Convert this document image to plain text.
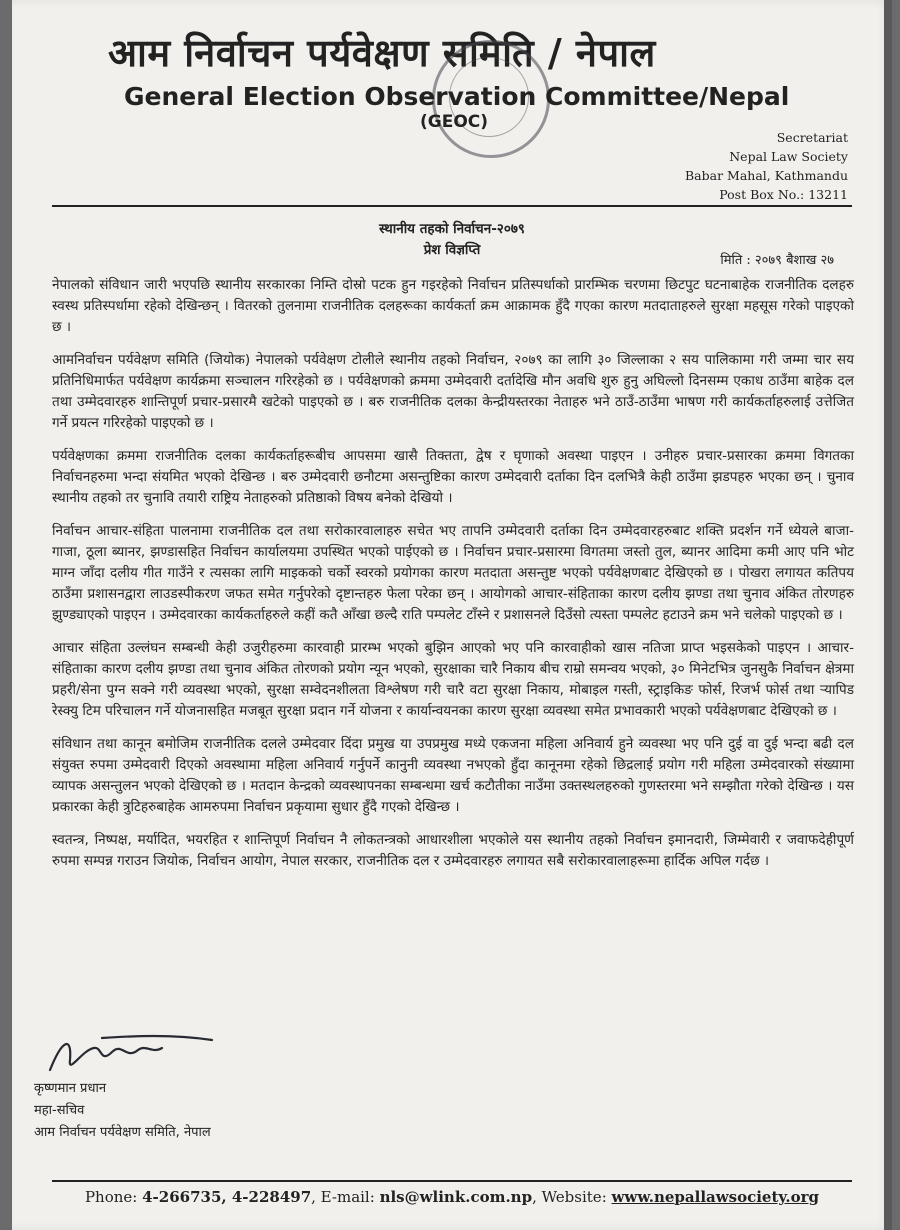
आम निर्वाचन पर्यवेक्षण समिति / नेपाल
General Election Observation Committee/Nepal
(GEOC)
Secretariat
Nepal Law Society
Babar Mahal, Kathmandu
Post Box No.: 13211
स्थानीय तहको निर्वाचन-२०७९
प्रेश विज्ञप्ति
मिति : २०७९ बैशाख २७

नेपालको संविधान जारी भएपछि स्थानीय सरकारका निम्ति दोस्रो पटक हुन गइरहेको निर्वाचन प्रतिस्पर्धाको प्रारम्भिक चरणमा छिटपुट घटनाबाहेक राजनीतिक दलहरु स्वस्थ प्रतिस्पर्धामा रहेको देखिन्छन् । वितरको तुलनामा राजनीतिक दलहरूका कार्यकर्ता क्रम आक्रामक हुँदै गएका कारण मतदाताहरुले सुरक्षा महसूस गरेको पाइएको छ ।

आमनिर्वाचन पर्यवेक्षण समिति (जियोक) नेपालको पर्यवेक्षण टोलीले स्थानीय तहको निर्वाचन, २०७९ का लागि ३० जिल्लाका २ सय पालिकामा गरी जम्मा चार सय प्रतिनिधिमार्फत पर्यवेक्षण कार्यक्रमा सञ्चालन गरिरहेको छ । पर्यवेक्षणको क्रममा उम्मेदवारी दर्तादेखि मौन अवधि शुरु हुनु अघिल्लो दिनसम्म एकाध ठाउँमा बाहेक दल तथा उम्मेदवारहरु शान्तिपूर्ण प्रचार-प्रसारमै खटेको पाइएको छ । बरु राजनीतिक दलका केन्द्रीयस्तरका नेताहरु भने ठाउँ-ठाउँमा भाषण गरी कार्यकर्ताहरुलाई उत्तेजित गर्ने प्रयत्न गरिरहेको पाइएको छ ।

पर्यवेक्षणका क्रममा राजनीतिक दलका कार्यकर्ताहरूबीच आपसमा खासै तिक्तता, द्वेष र घृणाको अवस्था पाइएन । उनीहरु प्रचार-प्रसारका क्रममा विगतका निर्वाचनहरुमा भन्दा संयमित भएको देखिन्छ । बरु उम्मेदवारी छनौटमा असन्तुष्टिका कारण उम्मेदवारी दर्ताका दिन दलभित्रै केही ठाउँमा झडपहरु भएका छन् । चुनाव स्थानीय तहको तर चुनावि तयारी राष्ट्रिय नेताहरुको प्रतिष्ठाको विषय बनेको देखियो ।

निर्वाचन आचार-संहिता पालनामा राजनीतिक दल तथा सरोकारवालाहरु सचेत भए तापनि उम्मेदवारी दर्ताका दिन उम्मेदवारहरुबाट शक्ति प्रदर्शन गर्ने ध्येयले बाजा-गाजा, ठूला ब्यानर, झण्डासहित निर्वाचन कार्यालयमा उपस्थित भएको पाईएको छ । निर्वाचन प्रचार-प्रसारमा विगतमा जस्तो तुल, ब्यानर आदिमा कमी आए पनि भोट माग्न जाँदा दलीय गीत गाउँने र त्यसका लागि माइकको चर्को स्वरको प्रयोगका कारण मतदाता असन्तुष्ट भएको पर्यवेक्षणबाट देखिएको छ । पोखरा लगायत कतिपय ठाउँमा प्रशासनद्वारा लाउडस्पीकरण जफत समेत गर्नुपरेको दृष्टान्तहरु फेला परेका छन् । आयोगको आचार-संहिताका कारण दलीय झण्डा तथा चुनाव अंकित तोरणहरु झुण्ड्याएको पाइएन । उम्मेदवारका कार्यकर्ताहरुले कहीं कतै आँखा छल्दै राति पम्पलेट टाँस्ने र प्रशासनले दिउँसो त्यस्ता पम्पलेट हटाउने क्रम भने चलेको पाइएको छ ।

आचार संहिता उल्लंघन सम्बन्धी केही उजुरीहरुमा कारवाही प्रारम्भ भएको बुझिन आएको भए पनि कारवाहीको खास नतिजा प्राप्त भइसकेको पाइएन । आचार-संहिताका कारण दलीय झण्डा तथा चुनाव अंकित तोरणको प्रयोग न्यून भएको, सुरक्षाका चारै निकाय बीच राम्रो समन्वय भएको, ३० मिनेटभित्र जुनसुकै निर्वाचन क्षेत्रमा प्रहरी/सेना पुग्न सक्ने गरी व्यवस्था भएको, सुरक्षा सम्वेदनशीलता विश्लेषण गरी चारै वटा सुरक्षा निकाय, मोबाइल गस्ती, स्ट्राइकिङ फोर्स, रिजर्भ फोर्स तथा ऱ्यापिड रेस्क्यु टिम परिचालन गर्ने योजनासहित मजबूत सुरक्षा प्रदान गर्ने योजना र कार्यान्वयनका कारण सुरक्षा व्यवस्था समेत प्रभावकारी भएको पर्यवेक्षणबाट देखिएको छ ।

संविधान तथा कानून बमोजिम राजनीतिक दलले उम्मेदवार दिंदा प्रमुख या उपप्रमुख मध्ये एकजना महिला अनिवार्य हुने व्यवस्था भए पनि दुई वा दुई भन्दा बढी दल संयुक्त रुपमा उम्मेदवारी दिएको अवस्थामा महिला अनिवार्य गर्नुपर्ने कानुनी व्यवस्था नभएको हुँदा कानूनमा रहेको छिद्रलाई प्रयोग गरी महिला उम्मेदवारको संख्यामा व्यापक असन्तुलन भएको देखिएको छ । मतदान केन्द्रको व्यवस्थापनका सम्बन्धमा खर्च कटौतीका नाउँमा उक्तस्थलहरुको गुणस्तरमा भने सम्झौता गरेको देखिन्छ । यस प्रकारका केही त्रुटिहरुबाहेक आमरुपमा निर्वाचन प्रकृयामा सुधार हुँदै गएको देखिन्छ ।

स्वतन्त्र, निष्पक्ष, मर्यादित, भयरहित र शान्तिपूर्ण निर्वाचन नै लोकतन्त्रको आधारशीला भएकोले यस स्थानीय तहको निर्वाचन इमानदारी, जिम्मेवारी र जवाफदेहीपूर्ण रुपमा सम्पन्न गराउन जियोक, निर्वाचन आयोग, नेपाल सरकार, राजनीतिक दल र उम्मेदवारहरु लगायत सबै सरोकारवालाहरूमा हार्दिक अपिल गर्दछ ।

कृष्णमान प्रधान
महा-सचिव
आम निर्वाचन पर्यवेक्षण समिति, नेपाल
Phone: 4-266735, 4-228497, E-mail: nls@wlink.com.np, Website: www.nepallawsociety.org
